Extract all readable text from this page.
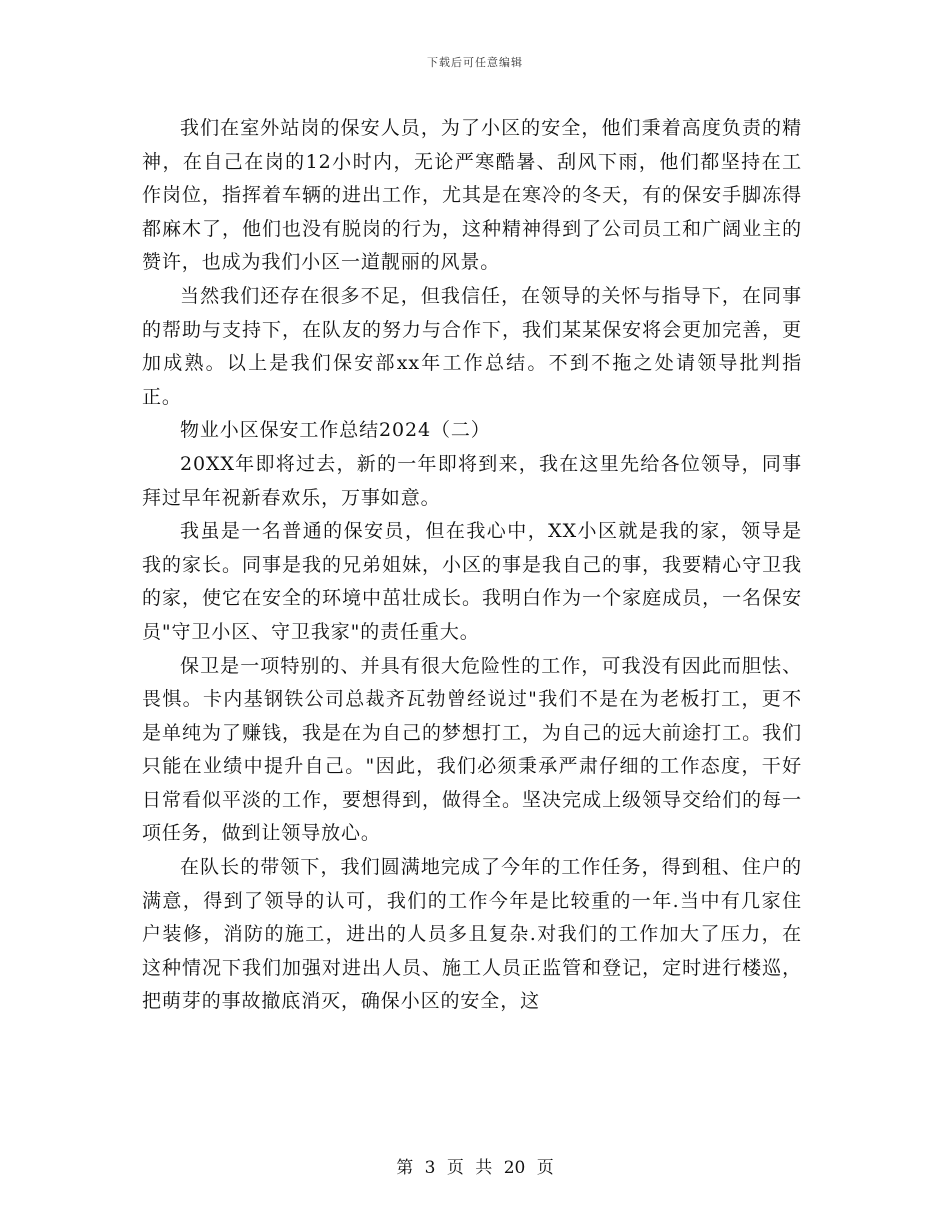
下载后可任意编辑

我们在室外站岗的保安人员，为了小区的安全，他们秉着高度负责的精神，在自己在岗的12小时内，无论严寒酷暑、刮风下雨，他们都坚持在工作岗位，指挥着车辆的进出工作，尤其是在寒冷的冬天，有的保安手脚冻得都麻木了，他们也没有脱岗的行为，这种精神得到了公司员工和广阔业主的赞许，也成为我们小区一道靓丽的风景。

当然我们还存在很多不足，但我信任，在领导的关怀与指导下，在同事的帮助与支持下，在队友的努力与合作下，我们某某保安将会更加完善，更加成熟。以上是我们保安部xx年工作总结。不到不拖之处请领导批判指正。

物业小区保安工作总结2024（二）

20XX年即将过去，新的一年即将到来，我在这里先给各位领导，同事拜过早年祝新春欢乐，万事如意。

我虽是一名普通的保安员，但在我心中，XX小区就是我的家，领导是我的家长。同事是我的兄弟姐妹，小区的事是我自己的事，我要精心守卫我的家，使它在安全的环境中茁壮成长。我明白作为一个家庭成员，一名保安员"守卫小区、守卫我家"的责任重大。

保卫是一项特别的、并具有很大危险性的工作，可我没有因此而胆怯、畏惧。卡内基钢铁公司总裁齐瓦勃曾经说过"我们不是在为老板打工，更不是单纯为了赚钱，我是在为自己的梦想打工，为自己的远大前途打工。我们只能在业绩中提升自己。"因此，我们必须秉承严肃仔细的工作态度，干好日常看似平淡的工作，要想得到，做得全。坚决完成上级领导交给们的每一项任务，做到让领导放心。

在队长的带领下，我们圆满地完成了今年的工作任务，得到租、住户的满意，得到了领导的认可，我们的工作今年是比较重的一年.当中有几家住户装修，消防的施工，进出的人员多且复杂.对我们的工作加大了压力，在这种情况下我们加强对进出人员、施工人员正监管和登记，定时进行楼巡，把萌芽的事故撤底消灭，确保小区的安全，这

第 3 页 共 20 页
